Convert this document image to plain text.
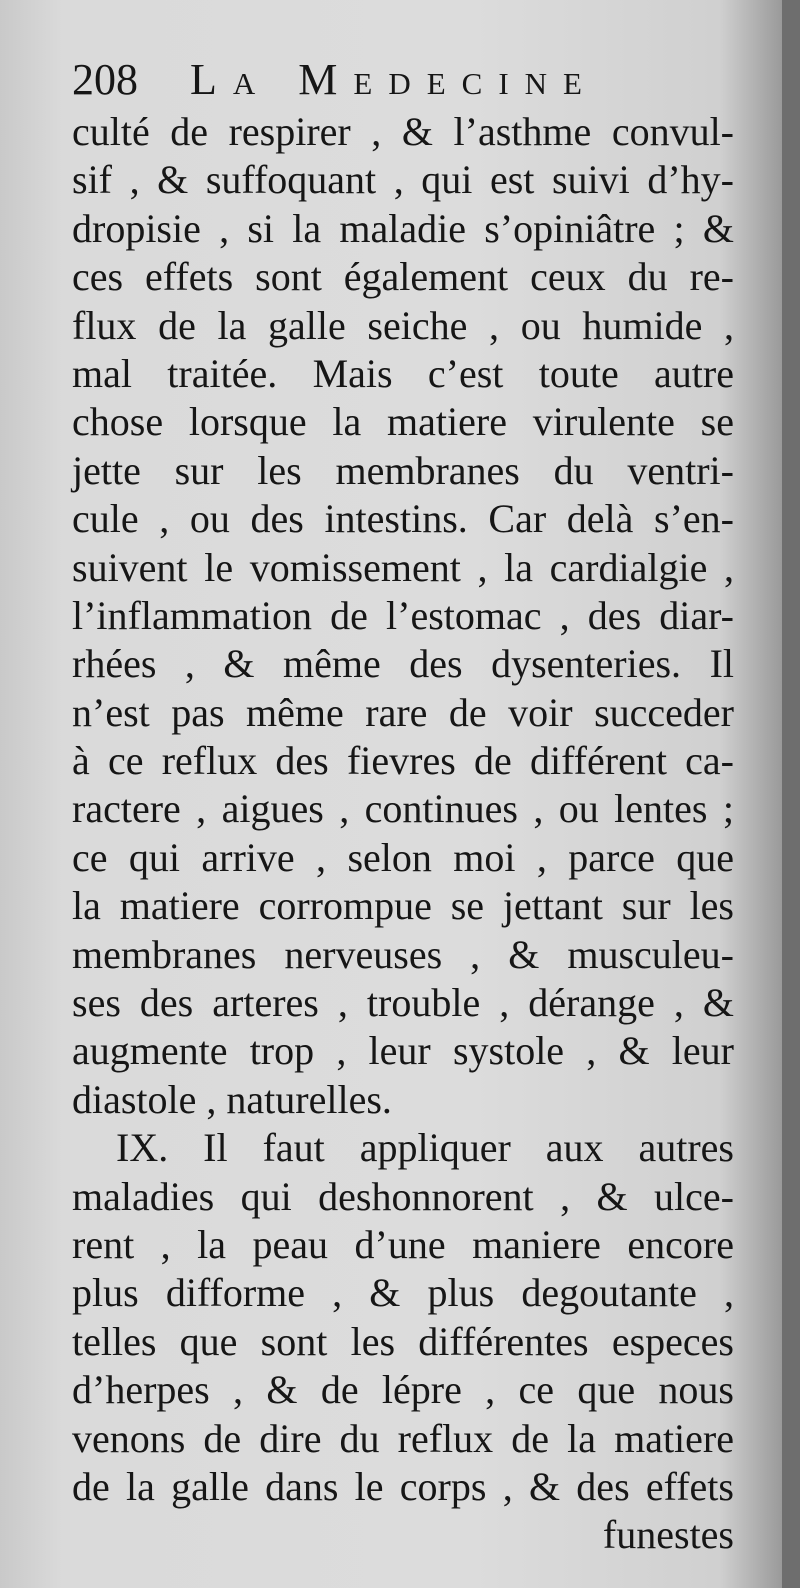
208 La Medecine
culté de respirer , & l’asthme convul-
sif , & suffoquant , qui est suivi d’hy-
dropisie , si la maladie s’opiniâtre ; &
ces effets sont également ceux du re-
flux de la galle seiche , ou humide ,
mal traitée. Mais c’est toute autre
chose lorsque la matiere virulente se
jette sur les membranes du ventri-
cule , ou des intestins. Car delà s’en-
suivent le vomissement , la cardialgie ,
l’inflammation de l’estomac , des diar-
rhées , & même des dysenteries. Il
n’est pas même rare de voir succeder
à ce reflux des fievres de différent ca-
ractere , aigues , continues , ou lentes ;
ce qui arrive , selon moi , parce que
la matiere corrompue se jettant sur les
membranes nerveuses , & musculeu-
ses des arteres , trouble , dérange , &
augmente trop , leur systole , & leur
diastole , naturelles.
IX. Il faut appliquer aux autres
maladies qui deshonnorent , & ulce-
rent , la peau d’une maniere encore
plus difforme , & plus degoutante ,
telles que sont les différentes especes
d’herpes , & de lépre , ce que nous
venons de dire du reflux de la matiere
de la galle dans le corps , & des effets
funestes
